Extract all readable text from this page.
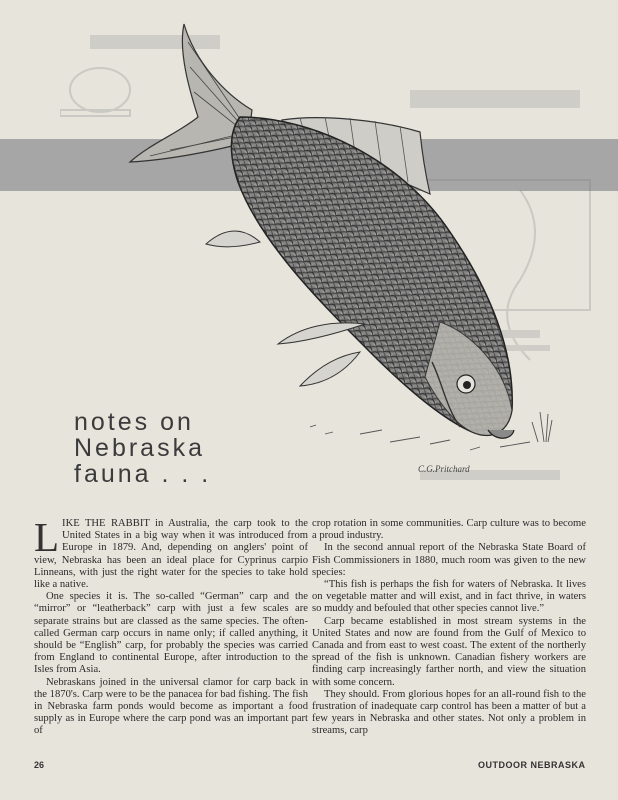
notes on
Nebraska
fauna . . .	C.G.Pritchard

LIKE THE RABBIT in Australia, the carp took to the United States in a big way when it was introduced from Europe in 1879. And, depending on anglers' point of view, Nebraska has been an ideal place for Cyprinus carpio Linneans, with just the right water for the species to take hold like a native.

One species it is. The so-called “German” carp and the “mirror” or “leatherback” carp with just a few scales are separate strains but are classed as the same species. The often-called German carp occurs in name only; if called anything, it should be “English” carp, for probably the species was carried from England to continental Europe, after introduction to the Isles from Asia.

Nebraskans joined in the universal clamor for carp back in the 1870's. Carp were to be the panacea for bad fishing. The fish in Nebraska farm ponds would become as important a food supply as in Europe where the carp pond was an important part of

crop rotation in some communities. Carp culture was to become a proud industry.

In the second annual report of the Nebraska State Board of Fish Commissioners in 1880, much room was given to the new species:

“This fish is perhaps the fish for waters of Nebraska. It lives on vegetable matter and will exist, and in fact thrive, in waters so muddy and befouled that other species cannot live.”

Carp became established in most stream systems in the United States and now are found from the Gulf of Mexico to Canada and from east to west coast. The extent of the northerly spread of the fish is unknown. Canadian fishery workers are finding carp increasingly farther north, and view the situation with some concern.

They should. From glorious hopes for an all-round fish to the frustration of inadequate carp control has been a matter of but a few years in Nebraska and other states. Not only a problem in streams, carp

26	OUTDOOR NEBRASKA
